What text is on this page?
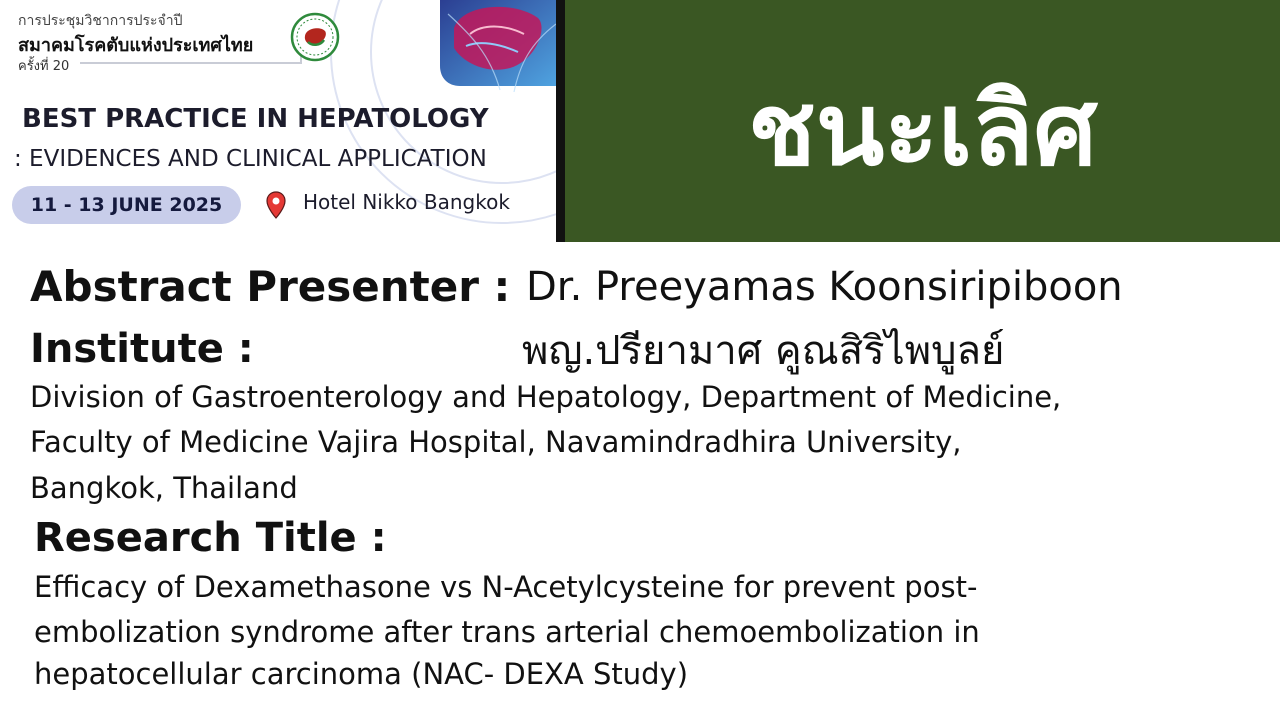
การประชุมวิชาการประจำปี
สมาคมโรคตับแห่งประเทศไทย
ครั้งที่ 20
BEST PRACTICE IN HEPATOLOGY
: EVIDENCES AND CLINICAL APPLICATION
11 - 13 JUNE 2025	Hotel Nikko Bangkok
ชนะเลิศ
Abstract Presenter : Dr. Preeyamas Koonsiripiboon
Institute :	พญ.ปรียามาศ คูณสิริไพบูลย์
Division of Gastroenterology and Hepatology, Department of Medicine,
Faculty of Medicine Vajira Hospital, Navamindradhira University,
Bangkok, Thailand
Research Title :
Efficacy of Dexamethasone vs N-Acetylcysteine for prevent post-
embolization syndrome after trans arterial chemoembolization in
hepatocellular carcinoma (NAC- DEXA Study)
